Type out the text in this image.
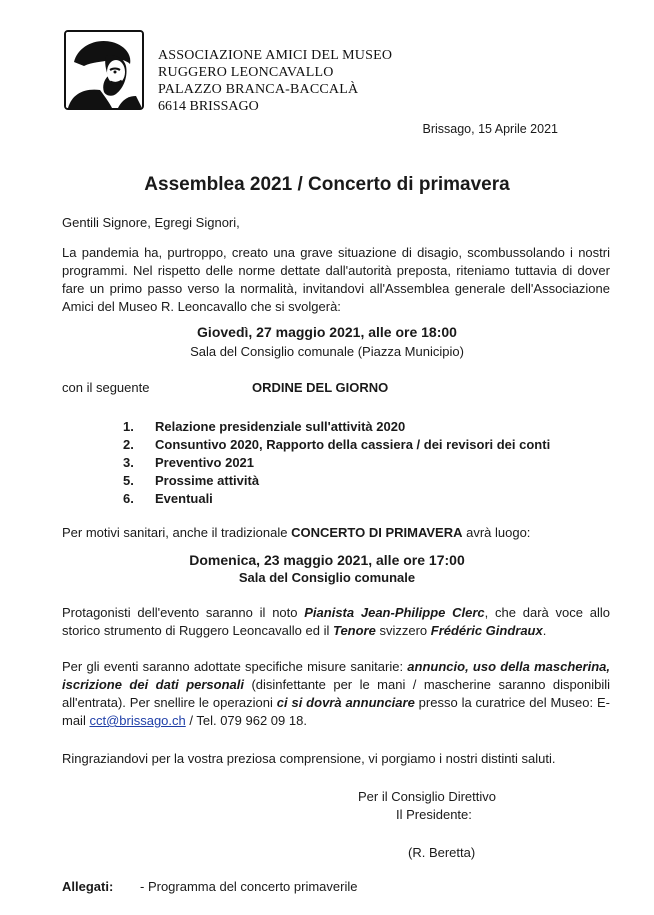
ASSOCIAZIONE AMICI DEL MUSEO
RUGGERO LEONCAVALLO
PALAZZO BRANCA-BACCALÀ
6614 BRISSAGO
Brissago, 15 Aprile 2021
Assemblea 2021 / Concerto di primavera
Gentili Signore, Egregi Signori,
La pandemia ha, purtroppo, creato una grave situazione di disagio, scombussolando i nostri programmi. Nel rispetto delle norme dettate dall'autorità preposta, riteniamo tuttavia di dover fare un primo passo verso la normalità, invitandovi all'Assemblea generale dell'Associazione Amici del Museo R. Leoncavallo che si svolgerà:
Giovedì, 27 maggio 2021, alle ore 18:00
Sala del Consiglio comunale (Piazza Municipio)
con il seguente	ORDINE DEL GIORNO
1.	Relazione presidenziale sull'attività 2020
2.	Consuntivo 2020, Rapporto della cassiera / dei revisori dei conti
3.	Preventivo 2021
5.	Prossime attività
6.	Eventuali
Per motivi sanitari, anche il tradizionale CONCERTO DI PRIMAVERA avrà luogo:
Domenica, 23 maggio 2021, alle ore 17:00
Sala del Consiglio comunale
Protagonisti dell'evento saranno il noto Pianista Jean-Philippe Clerc, che darà voce allo storico strumento di Ruggero Leoncavallo ed il Tenore svizzero Frédéric Gindraux.
Per gli eventi saranno adottate specifiche misure sanitarie: annuncio, uso della mascherina, iscrizione dei dati personali (disinfettante per le mani / mascherine saranno disponibili all'entrata). Per snellire le operazioni ci si dovrà annunciare presso la curatrice del Museo: E-mail cct@brissago.ch / Tel. 079 962 09 18.
Ringraziandovi per la vostra preziosa comprensione, vi porgiamo i nostri distinti saluti.
Per il Consiglio Direttivo
Il Presidente:
(R. Beretta)
Allegati: - Programma del concerto primaverile
